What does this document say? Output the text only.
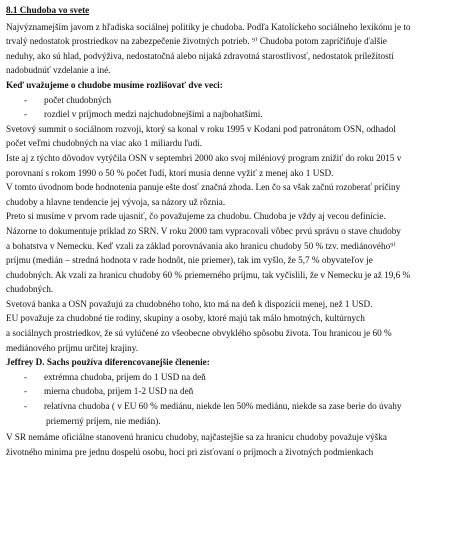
8.1 Chudoba vo svete
Najvýznamejším javom z hľadiska sociálnej politiky je chudoba. Podľa Katolíckeho sociálneho lexikónu je to
trvalý nedostatok prostriedkov na zabezpečenie životných potrieb. ⁹⁾ Chudoba potom zapríčiňuje ďalšie
neduhy, ako sú hlad, podvýživa, nedostatočná alebo nijaká zdravotná starostlivosť, nedostatok príležitostí
nadobudnúť vzdelanie a iné.
Keď uvažujeme o chudobe musíme rozlišovať dve veci:
- počet chudobných
- rozdiel v príjmoch medzi najchudobnejšími a najbohatšími.
Svetový summit o sociálnom rozvoji, ktorý sa konal v roku 1995 v Kodani pod patronátom OSN, odhadol
počet veľmi chudobných na viac ako 1 miliardu ľudí.
Iste aj z týchto dôvodov vytýčila OSN v septembri 2000 ako svoj miléniový program znížiť do roku 2015 v
porovnaní s rokom 1990 o 50 % počet ľudí, ktorí musia denne vyžiť z menej ako 1 USD.
V tomto úvodnom bode hodnotenia panuje ešte dosť značná zhoda. Len čo sa však začnú rozoberať príčiny
chudoby a hlavne tendencie jej vývoja, sa názory už rôznia.
Preto si musíme v prvom rade ujasniť, čo považujeme za chudobu. Chudoba je vždy aj vecou definície.
Názorne to dokumentuje príklad zo SRN. V roku 2000 tam vypracovali vôbec prvú správu o stave chudoby
a bohatstva v Nemecku. Keď vzali za základ porovnávania ako hranicu chudoby 50 % tzv. mediánového⁹⁾
príjmu (medián – stredná hodnota v rade hodnôt, nie priemer), tak im vyšlo, že 5,7 % obyvateľov je
chudobných. Ak vzali za hranicu chudoby 60 % priemerného príjmu, tak vyčíslili, že v Nemecku je až 19,6 %
chudobných.
Svetová banka a OSN považujú za chudobného toho, kto má na deň k dispozícii menej, než 1 USD.
EU považuje za chudobné tie rodiny, skupiny a osoby, ktoré majú tak málo hmotných, kultúrnych
a sociálnych prostriedkov, že sú vylúčené zo všeobecne obvyklého spôsobu života. Tou hranicou je 60 %
mediánového príjmu určitej krajiny.
Jeffrey D. Sachs používa diferencovanejšie členenie:
- extrémna chudoba, príjem do 1 USD na deň
- mierna chudoba, príjem 1-2 USD na deň
- relatívna chudoba ( v EU 60 % mediánu, niekde len 50% mediánu, niekde sa zase berie do úvahy
priemerný príjem, nie medián).
V SR nemáme oficiálne stanovenú hranicu chudoby, najčastejšie sa za hranicu chudoby považuje výška
životného minima pre jednu dospelú osobu, hoci pri zisťovaní o príjmoch a životných podmienkach
